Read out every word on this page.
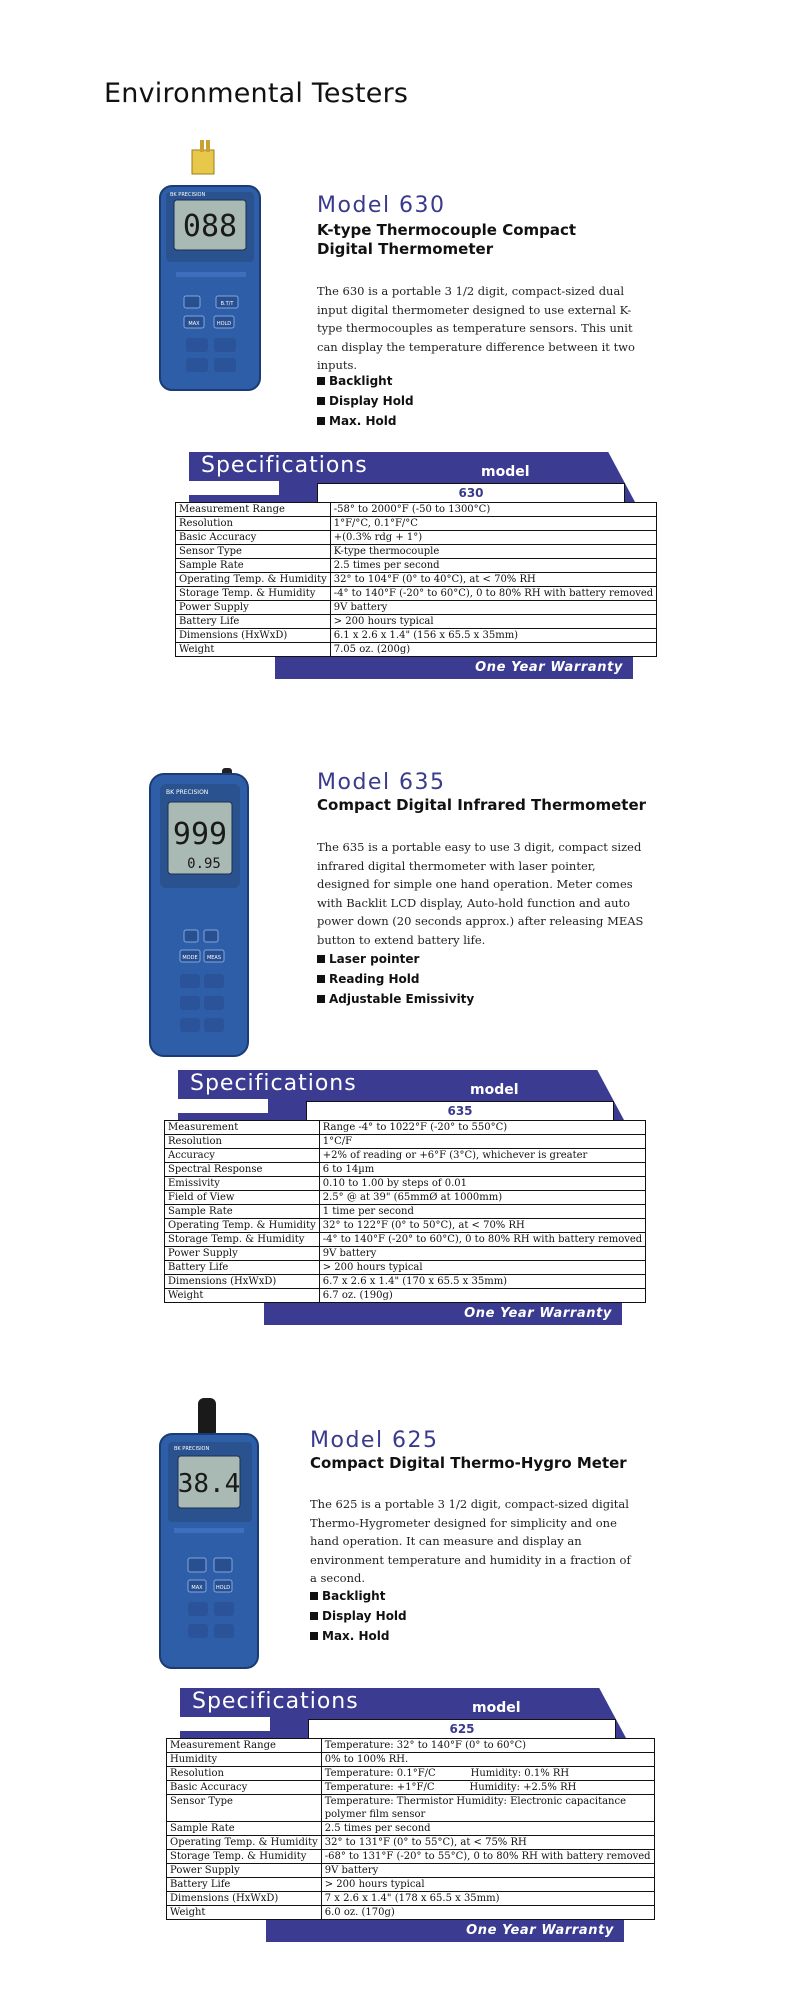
Environmental Testers
088
BK PRECISION
B.T/T
MAX	HOLD
Model 630
K-type Thermocouple Compact Digital Thermometer
The 630 is a portable 3 1/2 digit, compact-sized dual input digital thermometer designed to use external K-type thermocouples as temperature sensors. This unit can display the temperature difference between it two inputs.
Backlight
Display Hold
Max. Hold
Specifications	model
630
Measurement Range	-58° to 2000°F (-50 to 1300°C)
Resolution	1°F/°C, 0.1°F/°C
Basic Accuracy	+(0.3% rdg + 1°)
Sensor Type	K-type thermocouple
Sample Rate	2.5 times per second
Operating Temp. & Humidity	32° to 104°F (0° to 40°C), at < 70% RH
Storage Temp. & Humidity	-4° to 140°F (-20° to 60°C), 0 to 80% RH with battery removed
Power Supply	9V battery
Battery Life	> 200 hours typical
Dimensions (HxWxD)	6.1 x 2.6 x 1.4" (156 x 65.5 x 35mm)
Weight	7.05 oz. (200g)
One Year Warranty
BK PRECISION
999
0.95
MODE MEAS
Model 635
Compact Digital Infrared Thermometer
The 635 is a portable easy to use 3 digit, compact sized infrared digital thermometer with laser pointer, designed for simple one hand operation. Meter comes with Backlit LCD display, Auto-hold function and auto power down (20 seconds approx.) after releasing MEAS button to extend battery life.
Laser pointer
Reading Hold
Adjustable Emissivity
Specifications	model
635
Measurement	Range -4° to 1022°F (-20° to 550°C)
Resolution	1°C/F
Accuracy	+2% of reading or +6°F (3°C), whichever is greater
Spectral Response	6 to 14µm
Emissivity	0.10 to 1.00 by steps of 0.01
Field of View	2.5° @ at 39" (65mmØ at 1000mm)
Sample Rate	1 time per second
Operating Temp. & Humidity	32° to 122°F (0° to 50°C), at < 70% RH
Storage Temp. & Humidity	-4° to 140°F (-20° to 60°C), 0 to 80% RH with battery removed
Power Supply	9V battery
Battery Life	> 200 hours typical
Dimensions (HxWxD)	6.7 x 2.6 x 1.4" (170 x 65.5 x 35mm)
Weight	6.7 oz. (190g)
One Year Warranty
BK PRECISION
38.4
MAX	HOLD
Model 625
Compact Digital Thermo-Hygro Meter
The 625 is a portable 3 1/2 digit, compact-sized digital Thermo-Hygrometer designed for simplicity and one hand operation. It can measure and display an environment temperature and humidity in a fraction of a second.
Backlight
Display Hold
Max. Hold
Specifications	model
625
Measurement Range	Temperature: 32° to 140°F (0° to 60°C)
Humidity	0% to 100% RH.
Resolution	Temperature: 0.1°F/C           Humidity: 0.1% RH
Basic Accuracy	Temperature: +1°F/C           Humidity: +2.5% RH
Sensor Type	Temperature: Thermistor Humidity: Electronic capacitance polymer film sensor
Sample Rate	2.5 times per second
Operating Temp. & Humidity	32° to 131°F (0° to 55°C), at < 75% RH
Storage Temp. & Humidity	-68° to 131°F (-20° to 55°C), 0 to 80% RH with battery removed
Power Supply	9V battery
Battery Life	> 200 hours typical
Dimensions (HxWxD)	7 x 2.6 x 1.4" (178 x 65.5 x 35mm)
Weight	6.0 oz. (170g)
One Year Warranty
